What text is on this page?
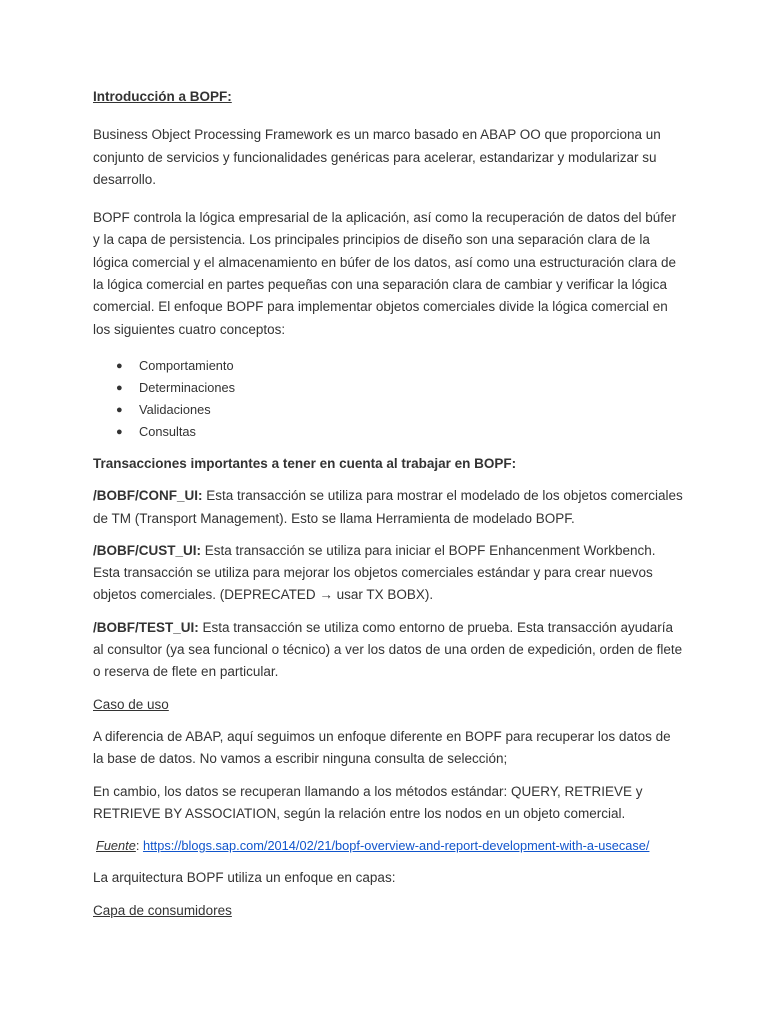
Introducción a BOPF:

Business Object Processing Framework es un marco basado en ABAP OO que proporciona un conjunto de servicios y funcionalidades genéricas para acelerar, estandarizar y modularizar su desarrollo.

BOPF controla la lógica empresarial de la aplicación, así como la recuperación de datos del búfer y la capa de persistencia. Los principales principios de diseño son una separación clara de la lógica comercial y el almacenamiento en búfer de los datos, así como una estructuración clara de la lógica comercial en partes pequeñas con una separación clara de cambiar y verificar la lógica comercial. El enfoque BOPF para implementar objetos comerciales divide la lógica comercial en los siguientes cuatro conceptos:

● Comportamiento
● Determinaciones
● Validaciones
● Consultas

Transacciones importantes a tener en cuenta al trabajar en BOPF:

/BOBF/CONF_UI: Esta transacción se utiliza para mostrar el modelado de los objetos comerciales de TM (Transport Management). Esto se llama Herramienta de modelado BOPF.

/BOBF/CUST_UI: Esta transacción se utiliza para iniciar el BOPF Enhancenment Workbench. Esta transacción se utiliza para mejorar los objetos comerciales estándar y para crear nuevos objetos comerciales. (DEPRECATED → usar TX BOBX).

/BOBF/TEST_UI: Esta transacción se utiliza como entorno de prueba. Esta transacción ayudaría al consultor (ya sea funcional o técnico) a ver los datos de una orden de expedición, orden de flete o reserva de flete en particular.

Caso de uso

A diferencia de ABAP, aquí seguimos un enfoque diferente en BOPF para recuperar los datos de la base de datos. No vamos a escribir ninguna consulta de selección;

En cambio, los datos se recuperan llamando a los métodos estándar: QUERY, RETRIEVE y RETRIEVE BY ASSOCIATION, según la relación entre los nodos en un objeto comercial.

Fuente: https://blogs.sap.com/2014/02/21/bopf-overview-and-report-development-with-a-usecase/

La arquitectura BOPF utiliza un enfoque en capas:

Capa de consumidores
